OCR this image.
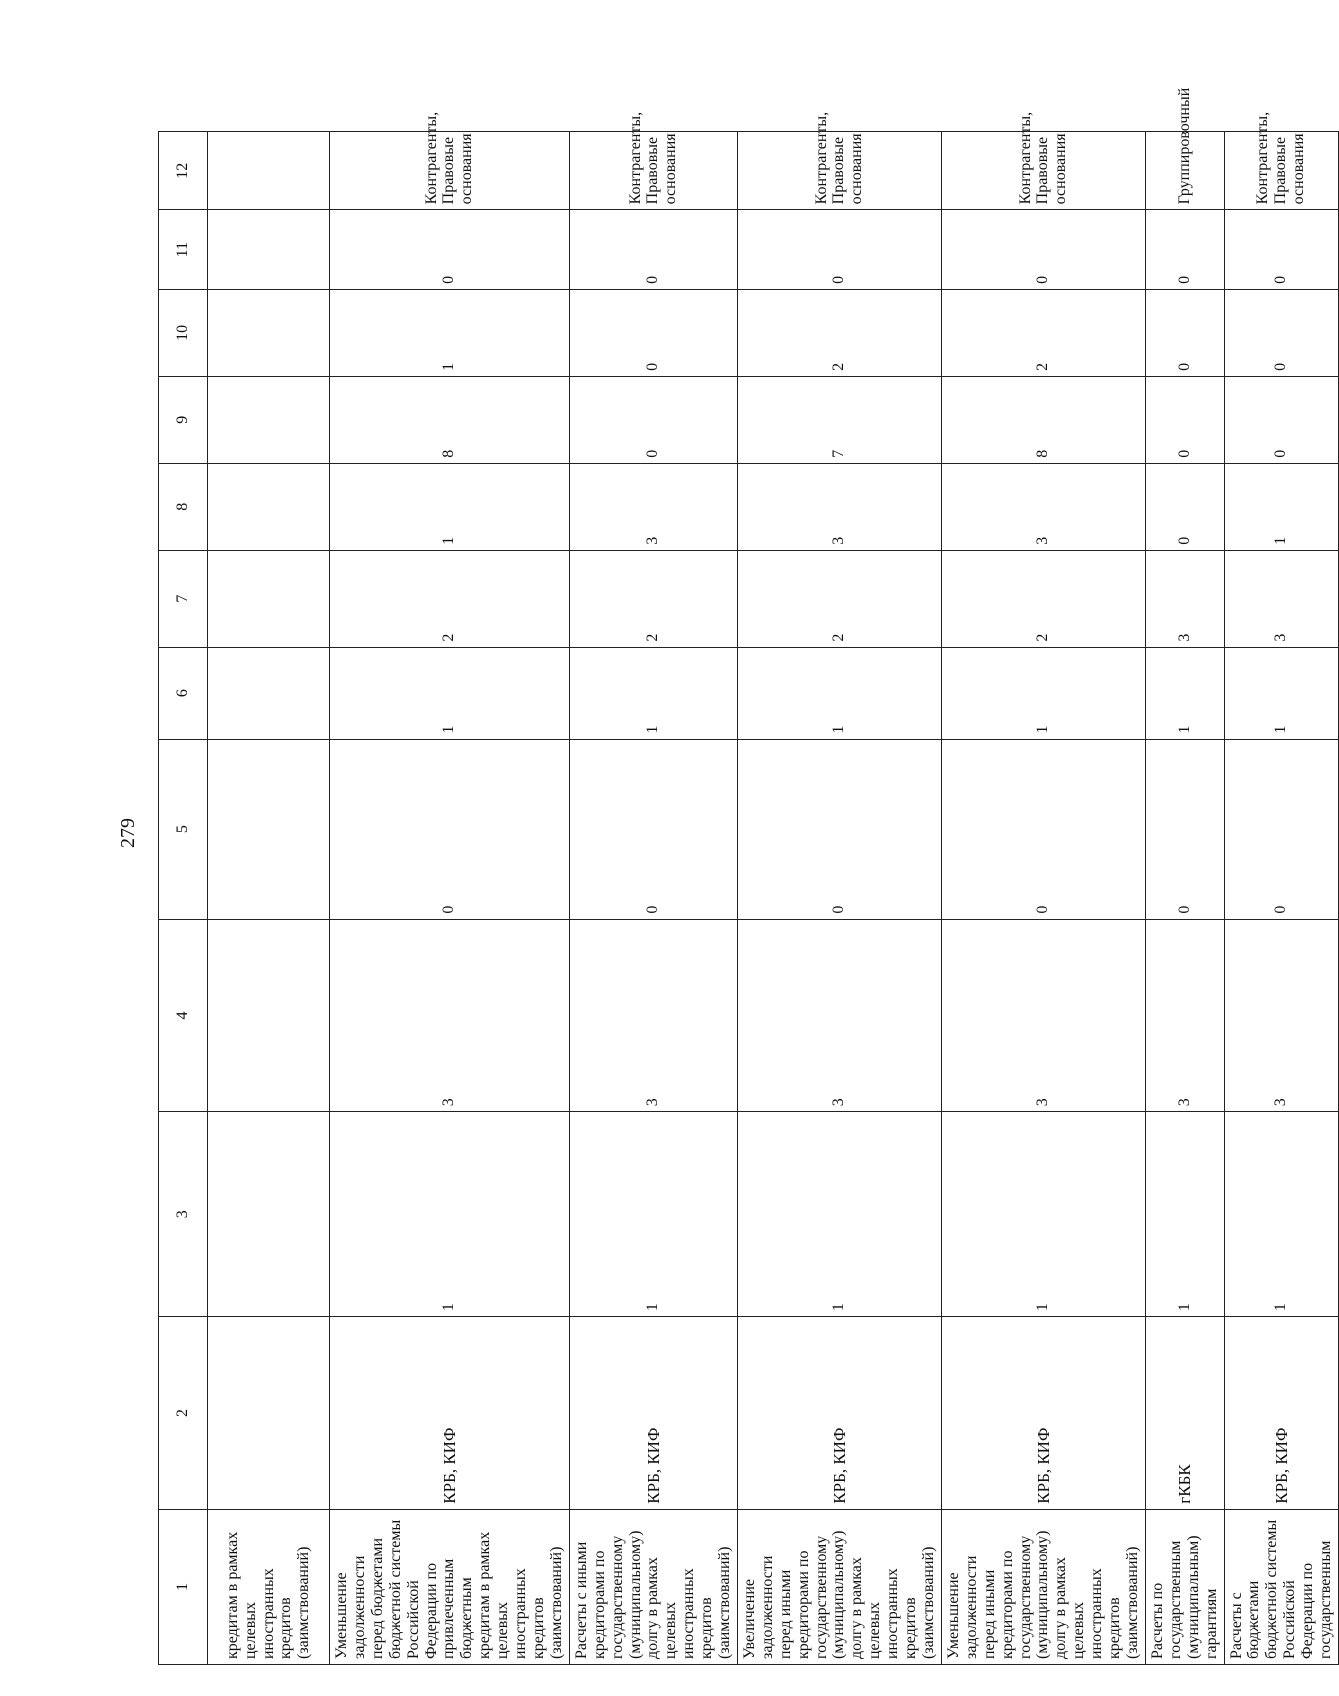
279
1	2	3	4	5	6	7	8	9	10	11	12
кредитам в рамках целевых иностранных кредитов (заимствований)											
Уменьшение задолженности перед бюджетами бюджетной системы Российской Федерации по привлеченным бюджетным кредитам в рамках целевых иностранных кредитов (заимствований)	КРБ, КИФ	1	3	0	1	2	1	8	1	0	Контрагенты, Правовые основания
Расчеты с иными кредиторами по государственному (муниципальному) долгу в рамках целевых иностранных кредитов (заимствований)	КРБ, КИФ	1	3	0	1	2	3	0	0	0	Контрагенты, Правовые основания
Увеличение задолженности перед иными кредиторами по государственному (муниципальному) долгу в рамках целевых иностранных кредитов (заимствований)	КРБ, КИФ	1	3	0	1	2	3	7	2	0	Контрагенты, Правовые основания
Уменьшение задолженности перед иными кредиторами по государственному (муниципальному) долгу в рамках целевых иностранных кредитов (заимствований)	КРБ, КИФ	1	3	0	1	2	3	8	2	0	Контрагенты, Правовые основания
Расчеты по государственным (муниципальным) гарантиям	гКБК	1	3	0	1	3	0	0	0	0	Группировочный
Расчеты с бюджетами бюджетной системы Российской Федерации по государственным	КРБ, КИФ	1	3	0	1	3	1	0	0	0	Контрагенты, Правовые основания
